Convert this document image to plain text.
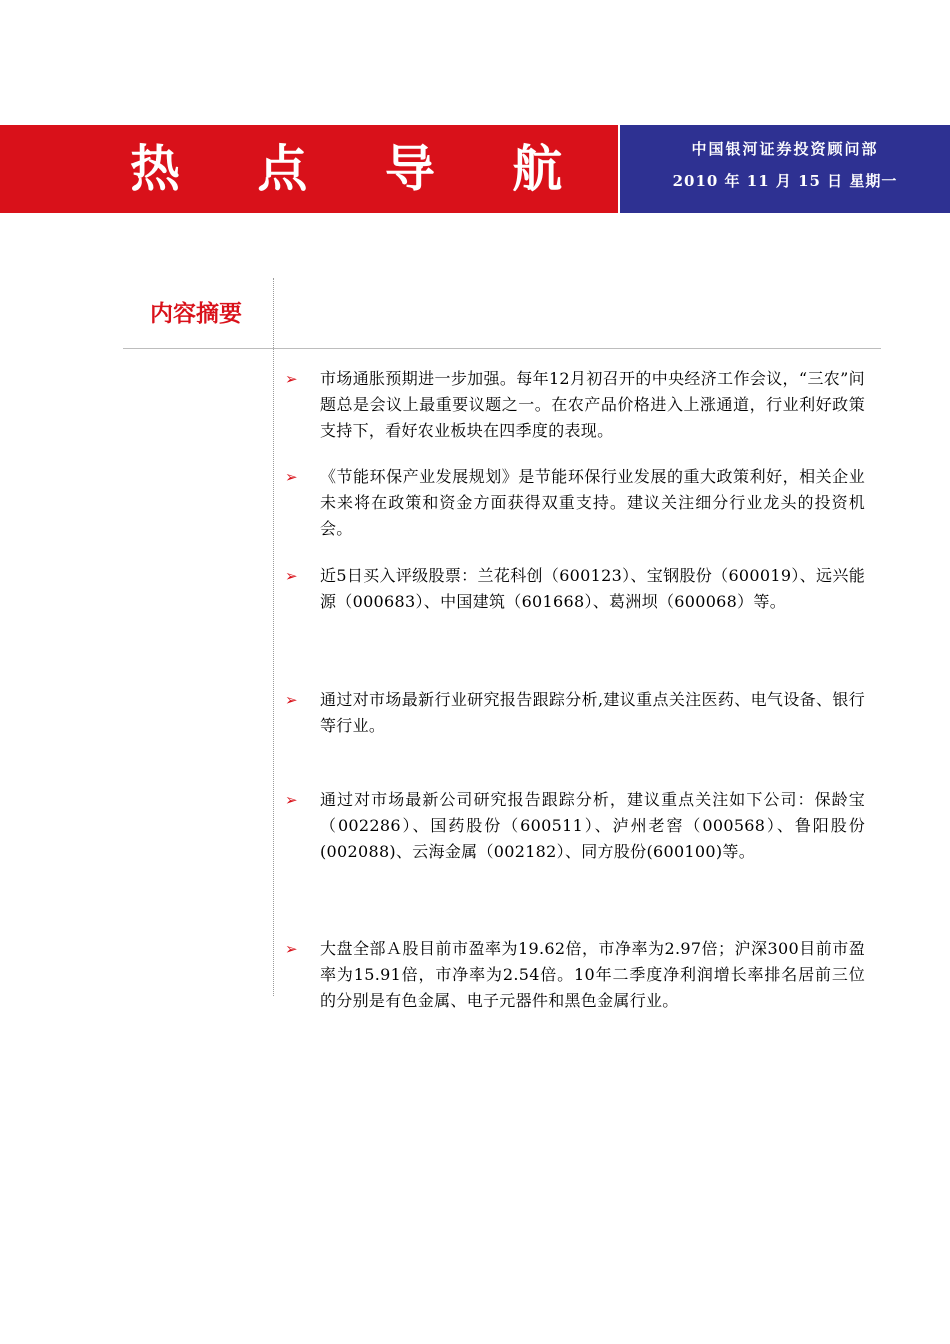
热 点 导 航	中国银河证券投资顾问部
2010 年 11 月 15 日 星期一
内容摘要
➢	市场通胀预期进一步加强。每年12月初召开的中央经济工作会议，“三农”问题总是会议上最重要议题之一。在农产品价格进入上涨通道，行业利好政策支持下，看好农业板块在四季度的表现。
➢	《节能环保产业发展规划》是节能环保行业发展的重大政策利好，相关企业未来将在政策和资金方面获得双重支持。建议关注细分行业龙头的投资机会。
➢	近5日买入评级股票：兰花科创（600123）、宝钢股份（600019）、远兴能源（000683）、中国建筑（601668）、葛洲坝（600068）等。
➢	通过对市场最新行业研究报告跟踪分析,建议重点关注医药、电气设备、银行等行业。
➢	通过对市场最新公司研究报告跟踪分析，建议重点关注如下公司：保龄宝（002286）、国药股份（600511）、泸州老窖（000568）、鲁阳股份(002088)、云海金属（002182）、同方股份(600100)等。
➢	大盘全部Ａ股目前市盈率为19.62倍，市净率为2.97倍；沪深300目前市盈率为15.91倍，市净率为2.54倍。10年二季度净利润增长率排名居前三位的分别是有色金属、电子元器件和黑色金属行业。
